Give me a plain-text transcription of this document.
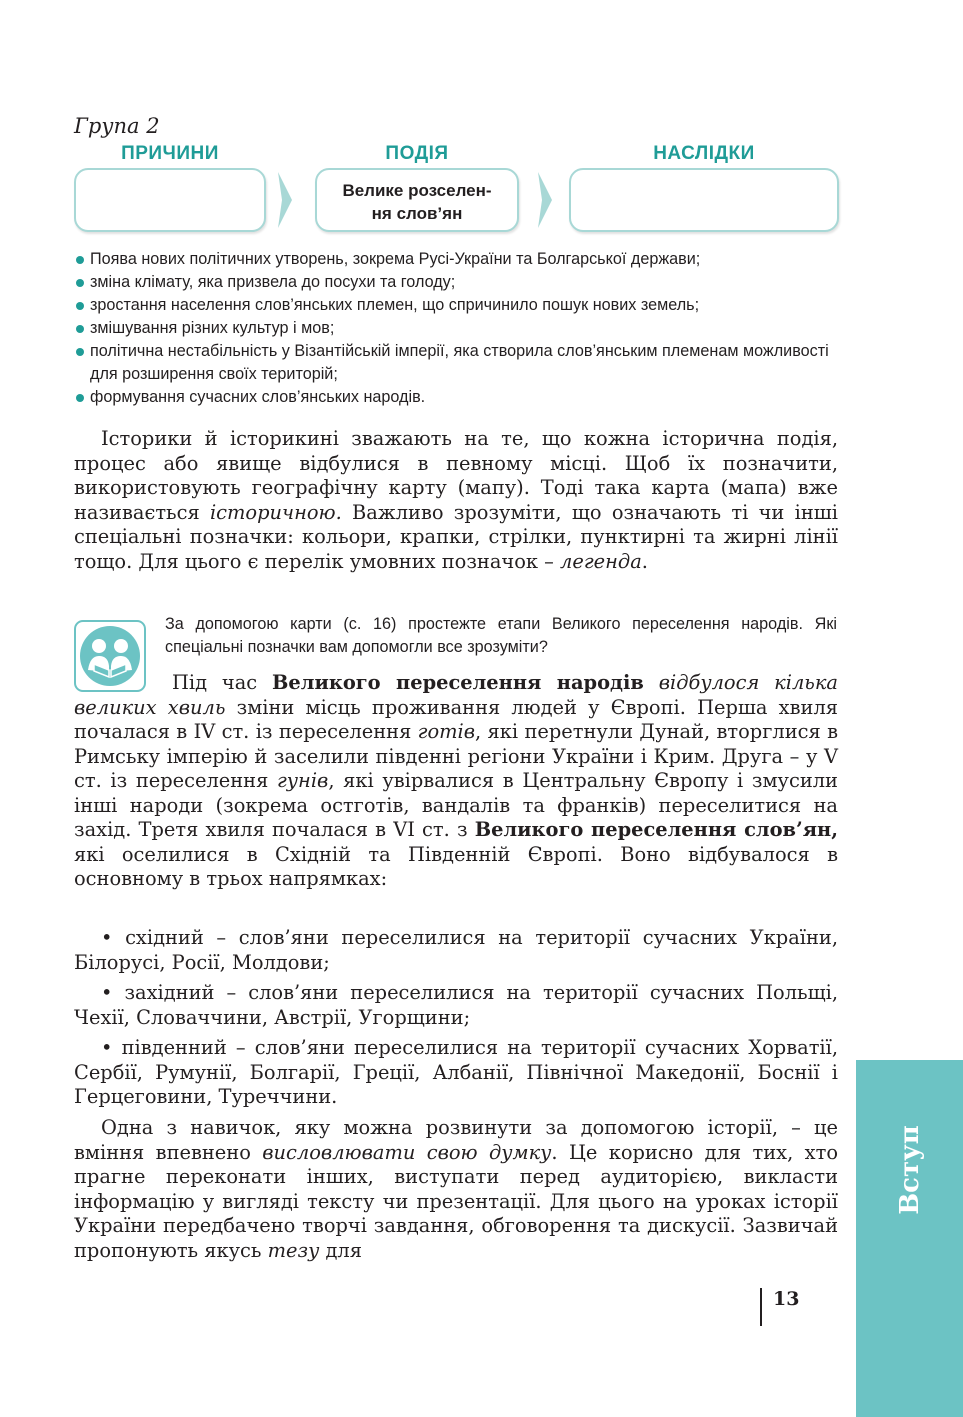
Група 2
ПРИЧИНИ	ПОДІЯ	НАСЛІДКИ
Велике розселен-
ня слов’ян
Поява нових політичних утворень, зокрема Русі-України та Болгарської держави;
зміна клімату, яка призвела до посухи та голоду;
зростання населення слов’янських племен, що спричинило пошук нових земель;
змішування різних культур і мов;
політична нестабільність у Візантійській імперії, яка створила слов’янським племенам можливості для розширення своїх територій;
формування сучасних слов’янських народів.

Історики й історикині зважають на те, що кожна історична подія, процес або явище відбулися в певному місці. Щоб їх позначити, використовують географічну карту (мапу). Тоді така карта (мапа) вже називається історичною. Важливо зрозуміти, що означають ті чи інші спеціальні позначки: кольори, крапки, стрілки, пунктирні та жирні лінії тощо. Для цього є перелік умовних позначок – легенда.

За допомогою карти (с. 16) простежте етапи Великого переселення народів. Які спеціальні позначки вам допомогли все зрозуміти?

Під час Великого переселення народів відбулося кілька великих хвиль зміни місць проживання людей у Європі. Перша хвиля почалася в IV ст. із переселення готів, які перетнули Дунай, вторглися в Римську імперію й заселили південні регіони України і Крим. Друга – у V ст. із переселення гунів, які увірвалися в Центральну Європу і змусили інші народи (зокрема остготів, вандалів та франків) переселитися на захід. Третя хвиля почалася в VI ст. з Великого переселення слов’ян, які оселилися в Східній та Південній Європі. Воно відбувалося в основному в трьох напрямках:

• східний – слов’яни переселилися на території сучасних України, Білорусі, Росії, Молдови;

• західний – слов’яни переселилися на території сучасних Польщі, Чехії, Словаччини, Австрії, Угорщини;

• південний – слов’яни переселилися на території сучасних Хорватії, Сербії, Румунії, Болгарії, Греції, Албанії, Північної Македонії, Боснії і Герцеговини, Туреччини.

Одна з навичок, яку можна розвинути за допомогою історії, – це вміння впевнено висловлювати свою думку. Це корисно для тих, хто прагне переконати інших, виступати перед аудиторією, викласти інформацію у вигляді тексту чи презентації. Для цього на уроках історії України передбачено творчі завдання, обговорення та дискусії. Зазвичай пропонують якусь тезу для

13
Вступ
